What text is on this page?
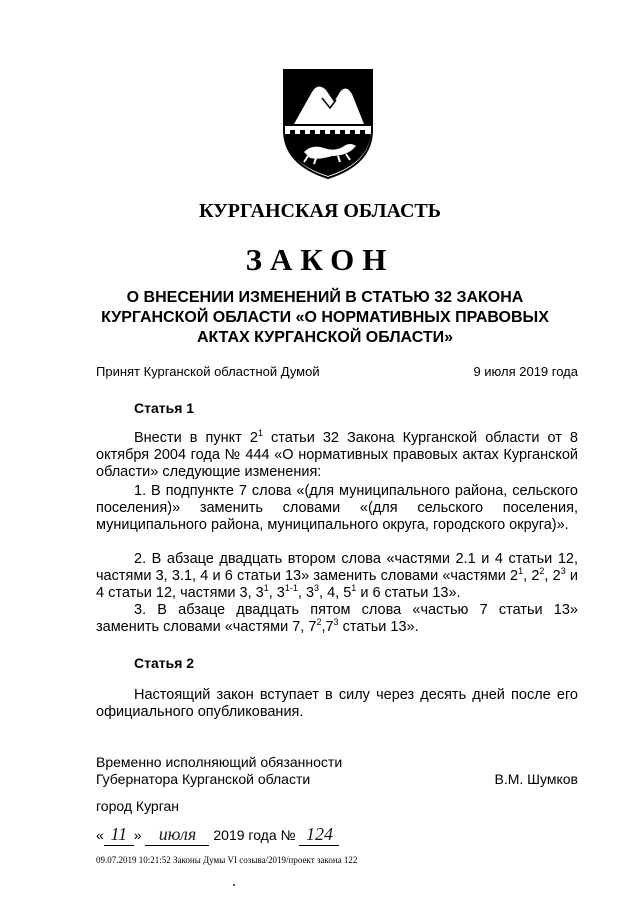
КУРГАНСКАЯ ОБЛАСТЬ
ЗАКОН
О ВНЕСЕНИИ ИЗМЕНЕНИЙ В СТАТЬЮ 32 ЗАКОНА
КУРГАНСКОЙ ОБЛАСТИ «О НОРМАТИВНЫХ ПРАВОВЫХ
АКТАХ КУРГАНСКОЙ ОБЛАСТИ»
Принят Курганской областной Думой	9 июля 2019 года
Статья 1

Внести в пункт $2^1$ статьи 32 Закона Курганской области от 8 октября 2004 года № 444 «О нормативных правовых актах Курганской области» следующие изменения:

1. В подпункте 7 слова «(для муниципального района, сельского поселения)» заменить словами «(для сельского поселения, муниципального района, муниципального округа, городского округа)».

2. В абзаце двадцать втором слова «частями 2.1 и 4 статьи 12, частями 3, 3.1, 4 и 6 статьи 13» заменить словами «частями $2^1$, $2^2$, $2^3$ и 4 статьи 12, частями 3, $3^1$, 3$^{1-1}$, $3^3$, 4, $5^1$ и 6 статьи 13».

3. В абзаце двадцать пятом слова «частью 7 статьи 13» заменить словами «частями 7, $7^2,7^3$ статьи 13».

Статья 2

Настоящий закон вступает в силу через десять дней после его официального опубликования.

Временно исполняющий обязанности
Губернатора Курганской области	В.М. Шумков
город Курган
« 11 » июля 2019 года № 124
09.07.2019 10:21:52 Законы Думы VI созыва/2019/проект закона 122
